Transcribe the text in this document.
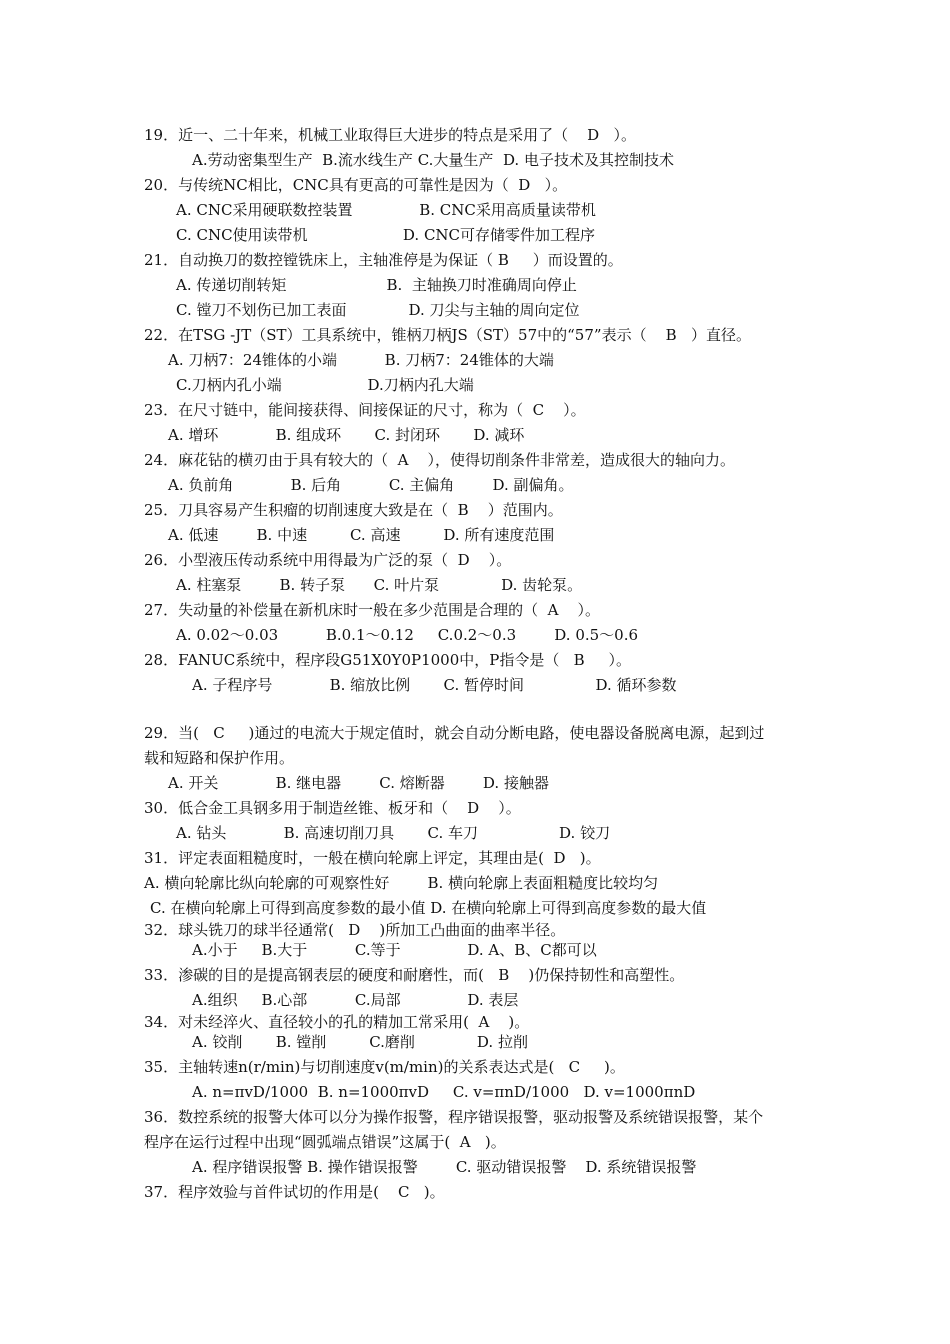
19．近一、二十年来，机械工业取得巨大进步的特点是采用了（    D   ）。
A.劳动密集型生产  B.流水线生产 C.大量生产  D. 电子技术及其控制技术
20．与传统NC相比，CNC具有更高的可靠性是因为（  D   ）。
A. CNC采用硬联数控装置              B. CNC采用高质量读带机
C. CNC使用读带机                    D. CNC可存储零件加工程序
21．自动换刀的数控镗铣床上，主轴准停是为保证（ B     ）而设置的。
A. 传递切削转矩                     B.  主轴换刀时准确周向停止
C. 镗刀不划伤已加工表面             D. 刀尖与主轴的周向定位
22．在TSG -JT（ST）工具系统中，锥柄刀柄JS（ST）57中的“57”表示（    B   ）直径。
A. 刀柄7：24锥体的小端          B. 刀柄7：24锥体的大端
C.刀柄内孔小端                  D.刀柄内孔大端
23．在尺寸链中，能间接获得、间接保证的尺寸，称为（  C    ）。
A. 增环            B. 组成环       C. 封闭环       D. 减环
24．麻花钻的横刃由于具有较大的（  A    ），使得切削条件非常差，造成很大的轴向力。
A. 负前角            B. 后角          C. 主偏角        D. 副偏角。
25．刀具容易产生积瘤的切削速度大致是在（  B    ）范围内。
A. 低速        B. 中速         C. 高速         D. 所有速度范围
26．小型液压传动系统中用得最为广泛的泵（  D    ）。
A. 柱塞泵        B. 转子泵      C. 叶片泵             D. 齿轮泵。
27．失动量的补偿量在新机床时一般在多少范围是合理的（  A    ）。
A. 0.02～0.03          B.0.1～0.12     C.0.2～0.3        D. 0.5～0.6
28．FANUC系统中，程序段G51X0Y0P1000中，P指令是（   B     ）。
A. 子程序号            B. 缩放比例       C. 暂停时间               D. 循环参数
29．当(   C     )通过的电流大于规定值时，就会自动分断电路，使电器设备脱离电源，起到过
载和短路和保护作用。
A. 开关            B. 继电器        C. 熔断器        D. 接触器
30．低合金工具钢多用于制造丝锥、板牙和（    D    ）。
A. 钻头            B. 高速切削刀具       C. 车刀                 D. 铰刀
31．评定表面粗糙度时，一般在横向轮廓上评定，其理由是(  D   )。
A. 横向轮廓比纵向轮廓的可观察性好        B. 横向轮廓上表面粗糙度比较均匀
C. 在横向轮廓上可得到高度参数的最小值 D. 在横向轮廓上可得到高度参数的最大值
32．球头铣刀的球半径通常(   D    )所加工凸曲面的曲率半径。
A.小于     B.大于          C.等于              D. A、B、C都可以
33．渗碳的目的是提高钢表层的硬度和耐磨性，而(   B    )仍保持韧性和高塑性。
A.组织     B.心部          C.局部              D. 表层
34．对未经淬火、直径较小的孔的精加工常采用(  A    )。
A. 铰削       B. 镗削         C.磨削             D. 拉削
35．主轴转速n(r/min)与切削速度v(m/min)的关系表达式是(   C     )。
A. n=πvD/1000  B. n=1000πvD     C. v=πnD/1000   D. v=1000πnD
36．数控系统的报警大体可以分为操作报警，程序错误报警，驱动报警及系统错误报警，某个
程序在运行过程中出现“圆弧端点错误”这属于(  A   )。
A. 程序错误报警 B. 操作错误报警        C. 驱动错误报警    D. 系统错误报警
37．程序效验与首件试切的作用是(    C   )。
